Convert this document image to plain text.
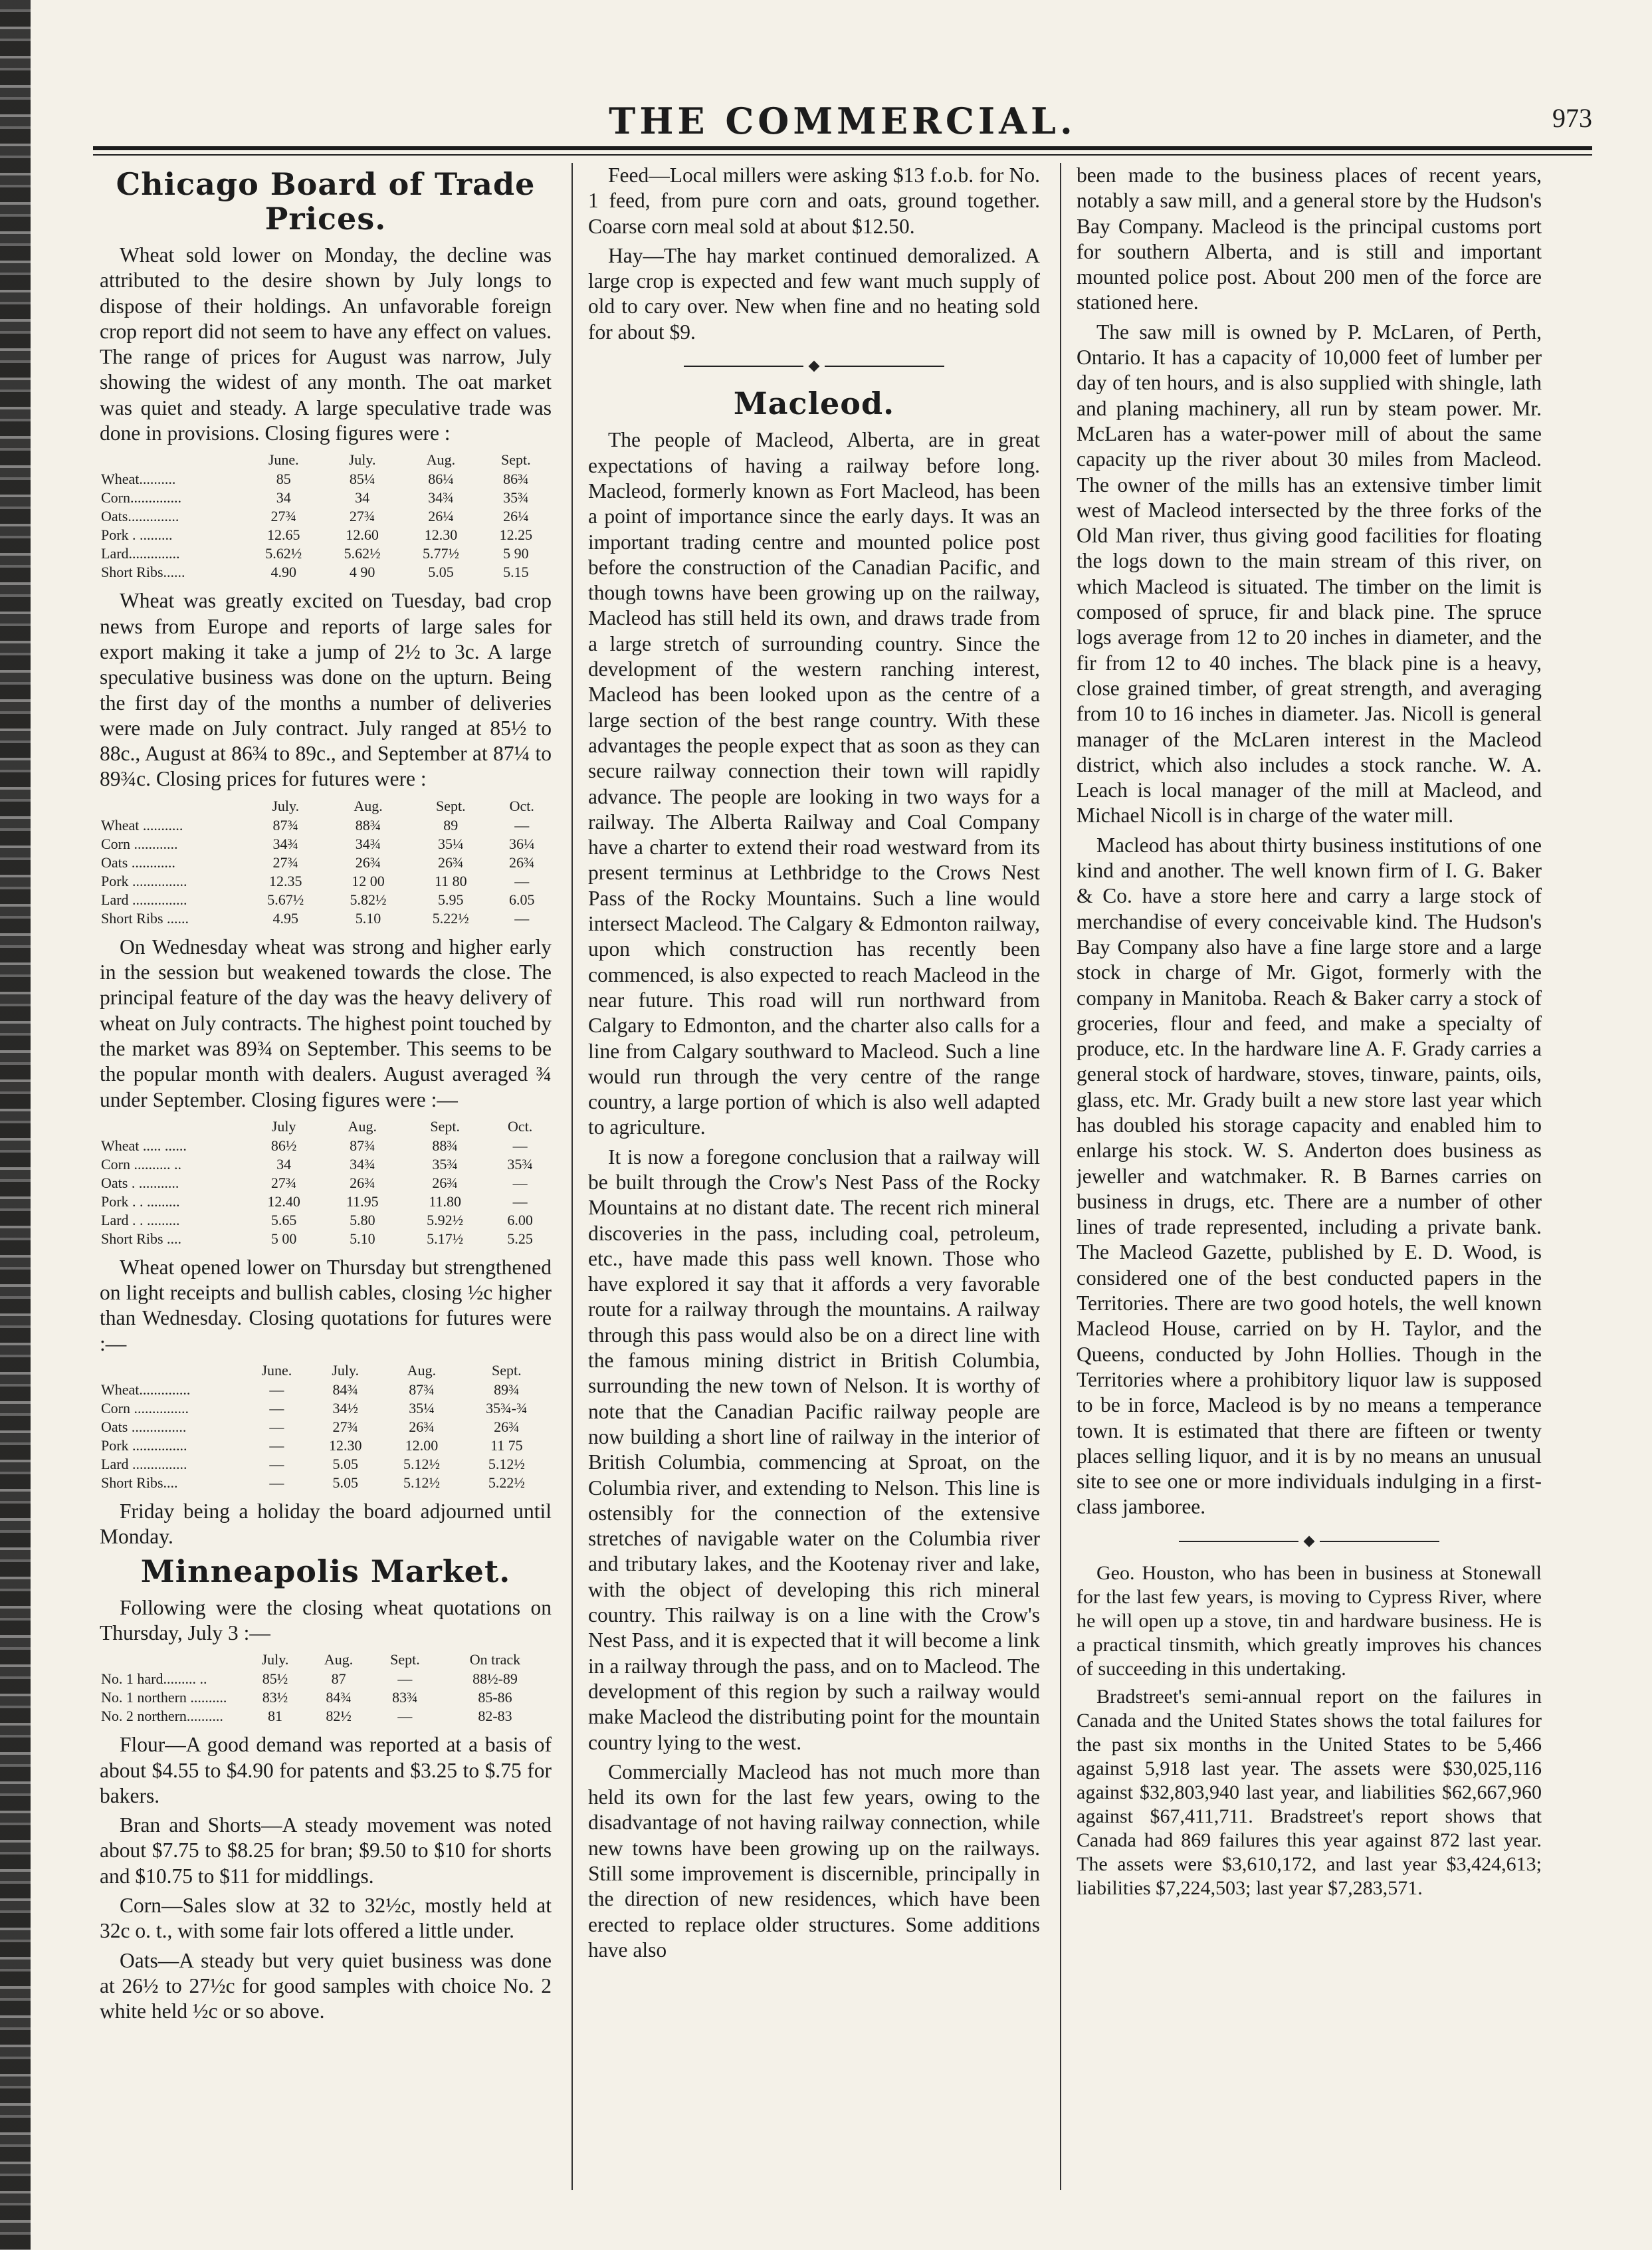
THE COMMERCIAL.	973
Chicago Board of Trade Prices.

Wheat sold lower on Monday, the decline was attributed to the desire shown by July longs to dispose of their holdings. An unfavorable foreign crop report did not seem to have any effect on values. The range of prices for August was narrow, July showing the widest of any month. The oat market was quiet and steady. A large speculative trade was done in provisions. Closing figures were :

	June.	July.	Aug.	Sept.
Wheat..........	85	85¼	86¼	86¾
Corn..............	34	34	34¾	35¾
Oats..............	27¾	27¾	26¼	26¼
Pork . .........	12.65	12.60	12.30	12.25
Lard..............	5.62½	5.62½	5.77½	5 90
Short Ribs......	4.90	4 90	5.05	5.15

Wheat was greatly excited on Tuesday, bad crop news from Europe and reports of large sales for export making it take a jump of 2½ to 3c. A large speculative business was done on the upturn. Being the first day of the months a number of deliveries were made on July contract. July ranged at 85½ to 88c., August at 86¾ to 89c., and September at 87¼ to 89¾c. Closing prices for futures were :

	July.	Aug.	Sept.	Oct.
Wheat ...........	87¾	88¾	89	—
Corn ............	34¾	34¾	35¼	36¼
Oats ............	27¾	26¾	26¾	26¾
Pork ...............	12.35	12 00	11 80	—
Lard ...............	5.67½	5.82½	5.95	6.05
Short Ribs ......	4.95	5.10	5.22½	—

On Wednesday wheat was strong and higher early in the session but weakened towards the close. The principal feature of the day was the heavy delivery of wheat on July contracts. The highest point touched by the market was 89¾ on September. This seems to be the popular month with dealers. August averaged ¾ under September. Closing figures were :—

	July	Aug.	Sept.	Oct.
Wheat ..... ......	86½	87¾	88¾	—
Corn .......... ..	34	34¾	35¾	35¾
Oats . ...........	27¾	26¾	26¾	—
Pork . . .........	12.40	11.95	11.80	—
Lard . . .........	5.65	5.80	5.92½	6.00
Short Ribs ....	5 00	5.10	5.17½	5.25

Wheat opened lower on Thursday but strengthened on light receipts and bullish cables, closing ½c higher than Wednesday. Closing quotations for futures were :—

	June.	July.	Aug.	Sept.
Wheat..............	—	84¾	87¾	89¾
Corn ...............	—	34½	35¼	35¾-¾
Oats ...............	—	27¾	26¾	26¾
Pork ...............	—	12.30	12.00	11 75
Lard ...............	—	5.05	5.12½	5.12½
Short Ribs....	—	5.05	5.12½	5.22½

Friday being a holiday the board adjourned until Monday.

Minneapolis Market.

Following were the closing wheat quotations on Thursday, July 3 :—

	July.	Aug.	Sept.	On track
No. 1 hard......... ..	85½	87	—	88½-89
No. 1 northern ..........	83½	84¾	83¾	85-86
No. 2 northern..........	81	82½	—	82-83

Flour—A good demand was reported at a basis of about $4.55 to $4.90 for patents and $3.25 to $.75 for bakers.

Bran and Shorts—A steady movement was noted about $7.75 to $8.25 for bran; $9.50 to $10 for shorts and $10.75 to $11 for middlings.

Corn—Sales slow at 32 to 32½c, mostly held at 32c o. t., with some fair lots offered a little under.

Oats—A steady but very quiet business was done at 26½ to 27½c for good samples with choice No. 2 white held ½c or so above.

Feed—Local millers were asking $13 f.o.b. for No. 1 feed, from pure corn and oats, ground together. Coarse corn meal sold at about $12.50.

Hay—The hay market continued demoralized. A large crop is expected and few want much supply of old to cary over. New when fine and no heating sold for about $9.

Macleod.

The people of Macleod, Alberta, are in great expectations of having a railway before long. Macleod, formerly known as Fort Macleod, has been a point of importance since the early days. It was an important trading centre and mounted police post before the construction of the Canadian Pacific, and though towns have been growing up on the railway, Macleod has still held its own, and draws trade from a large stretch of surrounding country. Since the development of the western ranching interest, Macleod has been looked upon as the centre of a large section of the best range country. With these advantages the people expect that as soon as they can secure railway connection their town will rapidly advance. The people are looking in two ways for a railway. The Alberta Railway and Coal Company have a charter to extend their road westward from its present terminus at Lethbridge to the Crows Nest Pass of the Rocky Mountains. Such a line would intersect Macleod. The Calgary & Edmonton railway, upon which construction has recently been commenced, is also expected to reach Macleod in the near future. This road will run northward from Calgary to Edmonton, and the charter also calls for a line from Calgary southward to Macleod. Such a line would run through the very centre of the range country, a large portion of which is also well adapted to agriculture.

It is now a foregone conclusion that a railway will be built through the Crow's Nest Pass of the Rocky Mountains at no distant date. The recent rich mineral discoveries in the pass, including coal, petroleum, etc., have made this pass well known. Those who have explored it say that it affords a very favorable route for a railway through the mountains. A railway through this pass would also be on a direct line with the famous mining district in British Columbia, surrounding the new town of Nelson. It is worthy of note that the Canadian Pacific railway people are now building a short line of railway in the interior of British Columbia, commencing at Sproat, on the Columbia river, and extending to Nelson. This line is ostensibly for the connection of the extensive stretches of navigable water on the Columbia river and tributary lakes, and the Kootenay river and lake, with the object of developing this rich mineral country. This railway is on a line with the Crow's Nest Pass, and it is expected that it will become a link in a railway through the pass, and on to Macleod. The development of this region by such a railway would make Macleod the distributing point for the mountain country lying to the west.

Commercially Macleod has not much more than held its own for the last few years, owing to the disadvantage of not having railway connection, while new towns have been growing up on the railways. Still some improvement is discernible, principally in the direction of new residences, which have been erected to replace older structures. Some additions have also

been made to the business places of recent years, notably a saw mill, and a general store by the Hudson's Bay Company. Macleod is the principal customs port for southern Alberta, and is still and important mounted police post. About 200 men of the force are stationed here.

The saw mill is owned by P. McLaren, of Perth, Ontario. It has a capacity of 10,000 feet of lumber per day of ten hours, and is also supplied with shingle, lath and planing machinery, all run by steam power. Mr. McLaren has a water-power mill of about the same capacity up the river about 30 miles from Macleod. The owner of the mills has an extensive timber limit west of Macleod intersected by the three forks of the Old Man river, thus giving good facilities for floating the logs down to the main stream of this river, on which Macleod is situated. The timber on the limit is composed of spruce, fir and black pine. The spruce logs average from 12 to 20 inches in diameter, and the fir from 12 to 40 inches. The black pine is a heavy, close grained timber, of great strength, and averaging from 10 to 16 inches in diameter. Jas. Nicoll is general manager of the McLaren interest in the Macleod district, which also includes a stock ranche. W. A. Leach is local manager of the mill at Macleod, and Michael Nicoll is in charge of the water mill.

Macleod has about thirty business institutions of one kind and another. The well known firm of I. G. Baker & Co. have a store here and carry a large stock of merchandise of every conceivable kind. The Hudson's Bay Company also have a fine large store and a large stock in charge of Mr. Gigot, formerly with the company in Manitoba. Reach & Baker carry a stock of groceries, flour and feed, and make a specialty of produce, etc. In the hardware line A. F. Grady carries a general stock of hardware, stoves, tinware, paints, oils, glass, etc. Mr. Grady built a new store last year which has doubled his storage capacity and enabled him to enlarge his stock. W. S. Anderton does business as jeweller and watchmaker. R. B Barnes carries on business in drugs, etc. There are a number of other lines of trade represented, including a private bank. The Macleod Gazette, published by E. D. Wood, is considered one of the best conducted papers in the Territories. There are two good hotels, the well known Macleod House, carried on by H. Taylor, and the Queens, conducted by John Hollies. Though in the Territories where a prohibitory liquor law is supposed to be in force, Macleod is by no means a temperance town. It is estimated that there are fifteen or twenty places selling liquor, and it is by no means an unusual site to see one or more individuals indulging in a first-class jamboree.

Geo. Houston, who has been in business at Stonewall for the last few years, is moving to Cypress River, where he will open up a stove, tin and hardware business. He is a practical tinsmith, which greatly improves his chances of succeeding in this undertaking.

Bradstreet's semi-annual report on the failures in Canada and the United States shows the total failures for the past six months in the United States to be 5,466 against 5,918 last year. The assets were $30,025,116 against $32,803,940 last year, and liabilities $62,667,960 against $67,411,711. Bradstreet's report shows that Canada had 869 failures this year against 872 last year. The assets were $3,610,172, and last year $3,424,613; liabilities $7,224,503; last year $7,283,571.
